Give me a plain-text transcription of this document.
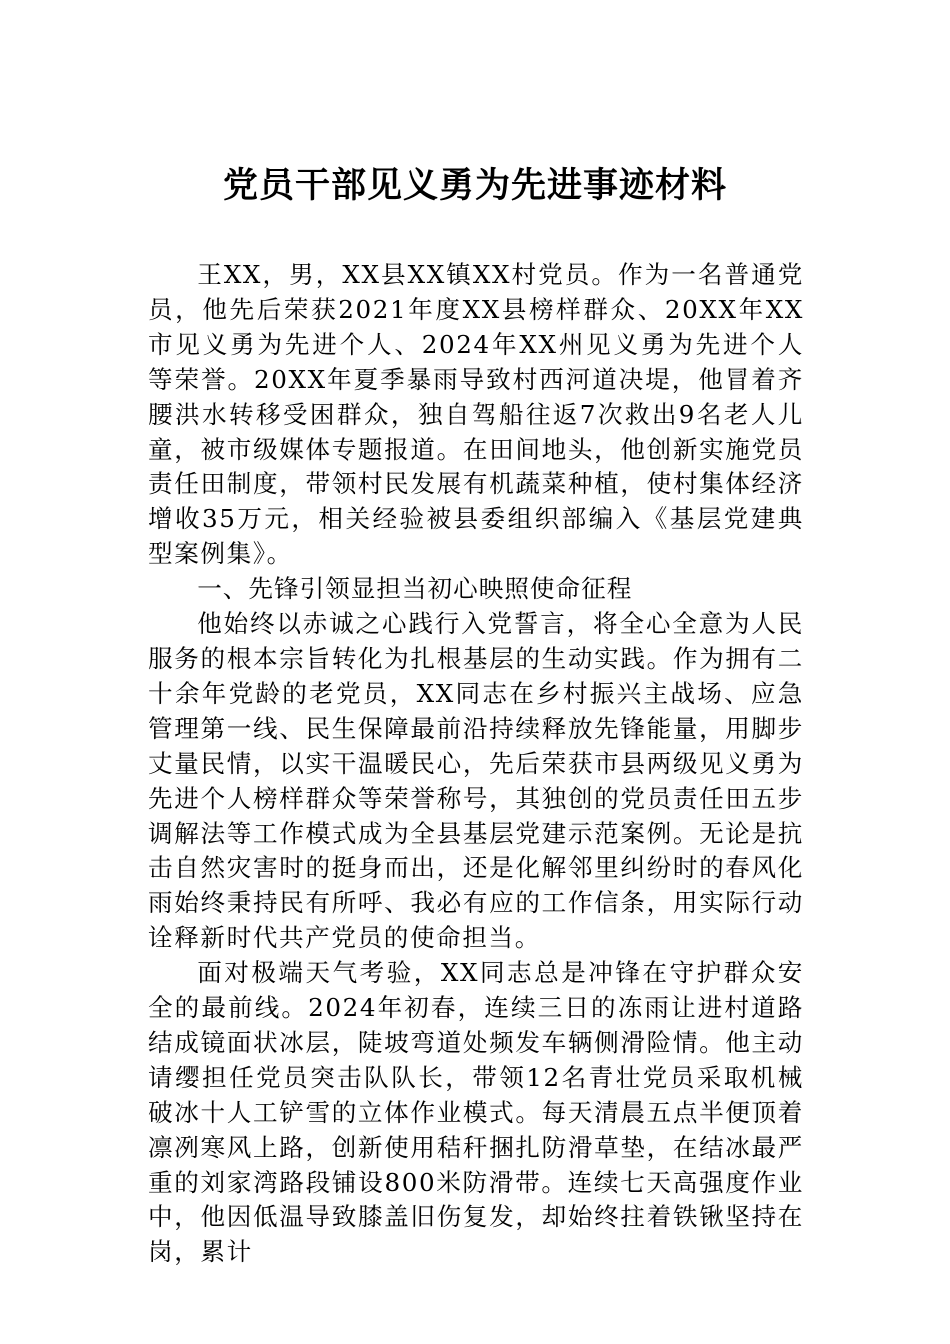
党员干部见义勇为先进事迹材料

王XX，男，XX县XX镇XX村党员。作为一名普通党员，他先后荣获2021年度XX县榜样群众、20XX年XX市见义勇为先进个人、2024年XX州见义勇为先进个人等荣誉。20XX年夏季暴雨导致村西河道决堤，他冒着齐腰洪水转移受困群众，独自驾船往返7次救出9名老人儿童，被市级媒体专题报道。在田间地头，他创新实施党员责任田制度，带领村民发展有机蔬菜种植，使村集体经济增收35万元，相关经验被县委组织部编入《基层党建典型案例集》。

一、先锋引领显担当初心映照使命征程

他始终以赤诚之心践行入党誓言，将全心全意为人民服务的根本宗旨转化为扎根基层的生动实践。作为拥有二十余年党龄的老党员，XX同志在乡村振兴主战场、应急管理第一线、民生保障最前沿持续释放先锋能量，用脚步丈量民情，以实干温暖民心，先后荣获市县两级见义勇为先进个人榜样群众等荣誉称号，其独创的党员责任田五步调解法等工作模式成为全县基层党建示范案例。无论是抗击自然灾害时的挺身而出，还是化解邻里纠纷时的春风化雨始终秉持民有所呼、我必有应的工作信条，用实际行动诠释新时代共产党员的使命担当。

面对极端天气考验，XX同志总是冲锋在守护群众安全的最前线。2024年初春，连续三日的冻雨让进村道路结成镜面状冰层，陡坡弯道处频发车辆侧滑险情。他主动请缨担任党员突击队队长，带领12名青壮党员采取机械破冰十人工铲雪的立体作业模式。每天清晨五点半便顶着凛冽寒风上路，创新使用秸秆捆扎防滑草垫，在结冰最严重的刘家湾路段铺设800米防滑带。连续七天高强度作业中，他因低温导致膝盖旧伤复发，却始终拄着铁锹坚持在岗，累计
